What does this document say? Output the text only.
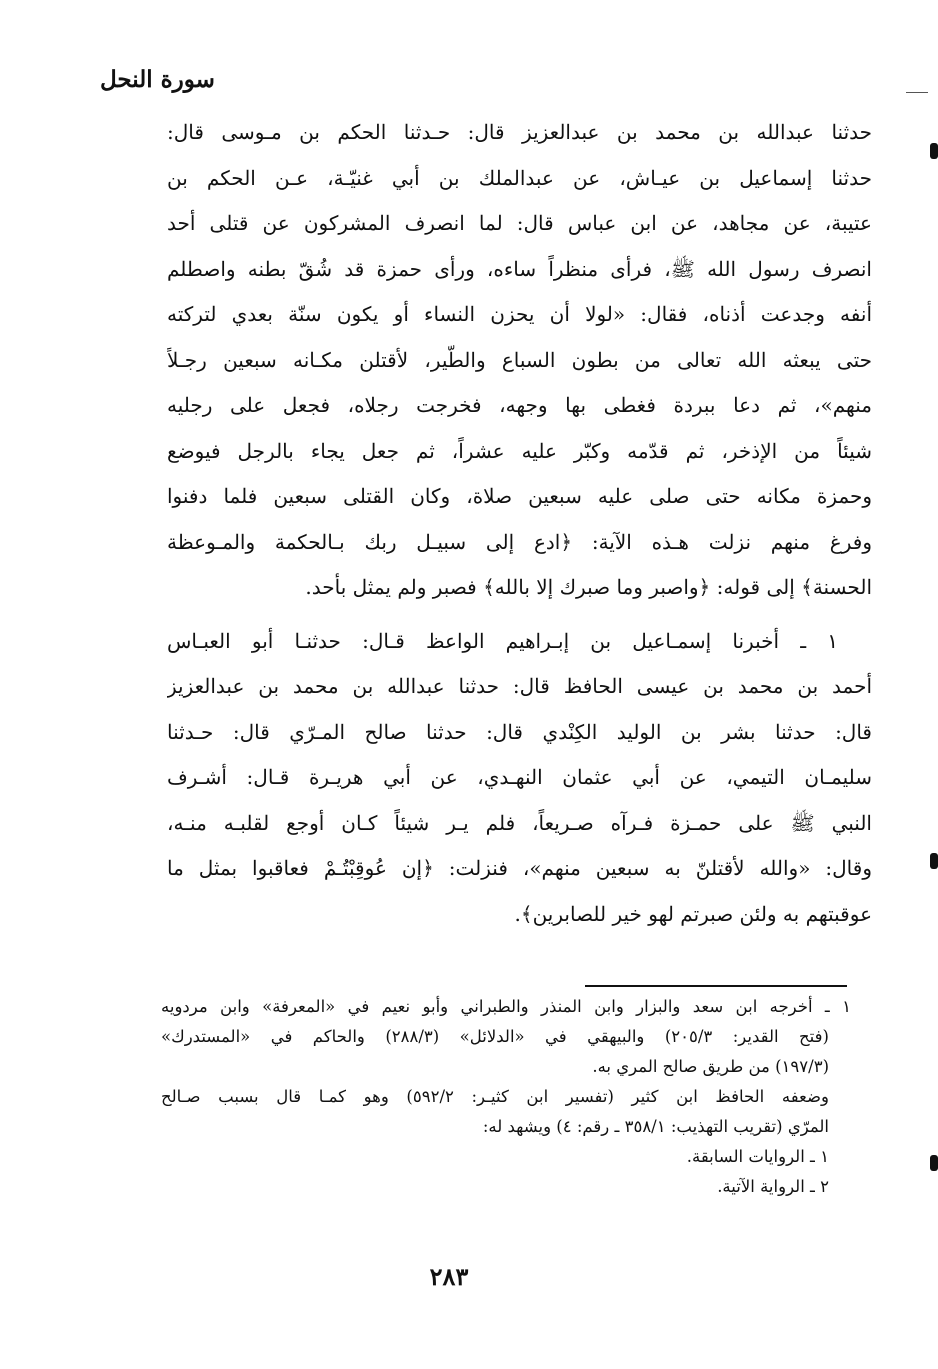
سورة النحل
حدثنا عبدالله بن محمد بن عبدالعزيز قال: حـدثنا الحكم بن مـوسى قال:
حدثنا إسماعيل بن عيـاش، عن عبدالملك بن أبي غنيّـة، عـن الحكم بن
عتيبة، عن مجاهد، عن ابن عباس قال: لما انصرف المشركون عن قتلى أحد
انصرف رسول الله ﷺ، فرأى منظراً ساءه، ورأى حمزة قد شُقّ بطنه واصطلم
أنفه وجدعت أذناه، فقال: «لولا أن يحزن النساء أو يكون سنّة بعدي لتركته
حتى يبعثه الله تعالى من بطون السباع والطّير، لأقتلن مكـانه سبعين رجـلاً
منهم»، ثم دعا ببردة فغطى بها وجهه، فخرجت رجلاه، فجعل على رجليه
شيئاً من الإذخر، ثم قدّمه وكبّر عليه عشراً، ثم جعل يجاء بالرجل فيوضع
وحمزة مكانه حتى صلى عليه سبعين صلاة، وكان القتلى سبعين فلما دفنوا
وفرغ منهم نزلت هـذه الآية: ﴿ادع إلى سبيـل ربك بـالحكمة والمـوعظة
الحسنة﴾ إلى قوله: ﴿واصبر وما صبرك إلا بالله﴾ فصبر ولم يمثل بأحد.
١ ـ أخبرنا إسمـاعيل بن إبـراهيم الواعظ قـال: حدثنـا أبو العبـاس
أحمد بن محمد بن عيسى الحافظ قال: حدثنا عبدالله بن محمد بن عبدالعزيز
قال: حدثنا بشر بن الوليد الكِنْدي قال: حدثنا صالح المـرّي قال: حـدثنا
سليمـان التيمي، عن أبي عثمان النهـدي، عن أبي هريـرة قـال: أشـرف
النبي ﷺ على حمـزة فـرآه صـريعاً، فلم يـر شيئاً كـان أوجع لقلبـه منـه،
وقال: «والله لأقتلنّ به سبعين منهم»، فنزلت: ﴿إن عُوقِبْتُـمْ فعاقبوا بمثل ما
عوقبتهم به ولئن صبرتم لهو خير للصابرين﴾.
١ ـ أخرجه ابن سعد والبزار وابن المنذر والطبراني وأبو نعيم في «المعرفة» وابن مردويه
(فتح القدير: ٢٠٥/٣) والبيهقي في «الدلائل» (٢٨٨/٣) والحاكم في «المستدرك»
(١٩٧/٣) من طريق صالح المري به.
وضعفه الحافظ ابن كثير (تفسير ابن كثيـر: ٥٩٢/٢) وهو كمـا قال بسبب صـالح
المرّي (تقريب التهذيب: ٣٥٨/١ ـ رقم: ٤) ويشهد له:
١ ـ الروايات السابقة.
٢ ـ الرواية الآتية.
٢٨٣
